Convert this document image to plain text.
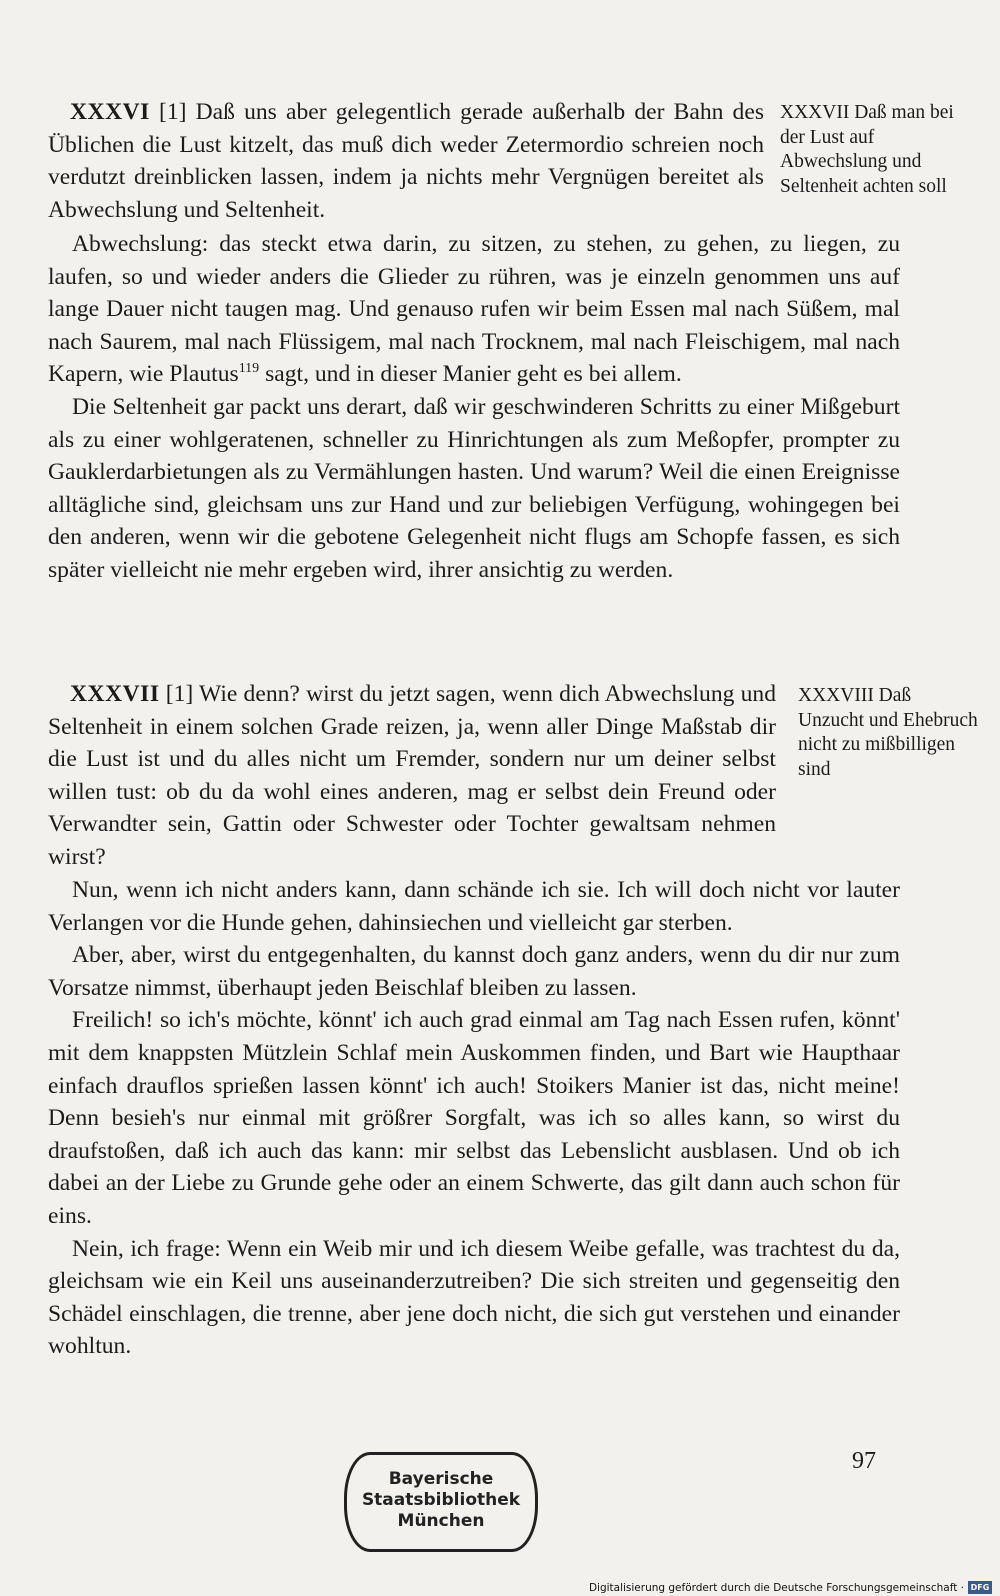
XXXVI [1] Daß uns aber gelegentlich gerade außerhalb der Bahn des Üblichen die Lust kitzelt, das muß dich weder Zetermordio schreien noch verdutzt dreinblicken lassen, indem ja nichts mehr Vergnügen bereitet als Abwechslung und Seltenheit.

XXXVII Daß man bei der Lust auf Abwechslung und Seltenheit achten soll

Abwechslung: das steckt etwa darin, zu sitzen, zu stehen, zu gehen, zu liegen, zu laufen, so und wieder anders die Glieder zu rühren, was je einzeln genommen uns auf lange Dauer nicht taugen mag. Und genauso rufen wir beim Essen mal nach Süßem, mal nach Saurem, mal nach Flüssigem, mal nach Trocknem, mal nach Fleischigem, mal nach Kapern, wie Plautus$^{119}$ sagt, und in dieser Manier geht es bei allem.

Die Seltenheit gar packt uns derart, daß wir geschwinderen Schritts zu einer Mißgeburt als zu einer wohlgeratenen, schneller zu Hinrichtungen als zum Meßopfer, prompter zu Gauklerdarbietungen als zu Vermählungen hasten. Und warum? Weil die einen Ereignisse alltägliche sind, gleichsam uns zur Hand und zur beliebigen Verfügung, wohingegen bei den anderen, wenn wir die gebotene Gelegenheit nicht flugs am Schopfe fassen, es sich später vielleicht nie mehr ergeben wird, ihrer ansichtig zu werden.

XXXVII [1] Wie denn? wirst du jetzt sagen, wenn dich Abwechslung und Seltenheit in einem solchen Grade reizen, ja, wenn aller Dinge Maßstab dir die Lust ist und du alles nicht um Fremder, sondern nur um deiner selbst willen tust: ob du da wohl eines anderen, mag er selbst dein Freund oder Verwandter sein, Gattin oder Schwester oder Tochter gewaltsam nehmen wirst?

XXXVIII Daß Unzucht und Ehebruch nicht zu mißbilligen sind

Nun, wenn ich nicht anders kann, dann schände ich sie. Ich will doch nicht vor lauter Verlangen vor die Hunde gehen, dahinsiechen und vielleicht gar sterben.

Aber, aber, wirst du entgegenhalten, du kannst doch ganz anders, wenn du dir nur zum Vorsatze nimmst, überhaupt jeden Beischlaf bleiben zu lassen.

Freilich! so ich's möchte, könnt' ich auch grad einmal am Tag nach Essen rufen, könnt' mit dem knappsten Mützlein Schlaf mein Auskommen finden, und Bart wie Haupthaar einfach drauflos sprießen lassen könnt' ich auch! Stoikers Manier ist das, nicht meine! Denn besieh's nur einmal mit größrer Sorgfalt, was ich so alles kann, so wirst du draufstoßen, daß ich auch das kann: mir selbst das Lebenslicht ausblasen. Und ob ich dabei an der Liebe zu Grunde gehe oder an einem Schwerte, das gilt dann auch schon für eins.

Nein, ich frage: Wenn ein Weib mir und ich diesem Weibe gefalle, was trachtest du da, gleichsam wie ein Keil uns auseinanderzutreiben? Die sich streiten und gegenseitig den Schädel einschlagen, die trenne, aber jene doch nicht, die sich gut verstehen und einander wohltun.

97
Bayerische
Staatsbibliothek
München
Digitalisierung gefördert durch die Deutsche Forschungsgemeinschaft · DFG
